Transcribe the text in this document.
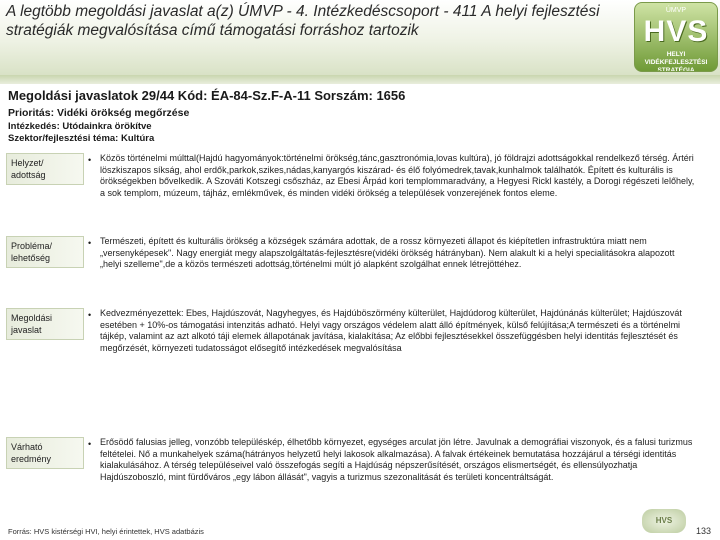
A legtöbb megoldási javaslat a(z) ÚMVP - 4. Intézkedéscsoport - 411 A helyi fejlesztési stratégiák megvalósítása című támogatási forráshoz tartozik
ÚMVP
HVS
HELYI VIDÉKFEJLESZTÉSI STRATÉGIA
Megoldási javaslatok 29/44 Kód: ÉA-84-Sz.F-A-11 Sorszám: 1656
Prioritás: Vidéki örökség megőrzése
Intézkedés: Utódainkra örökítve
Szektor/fejlesztési téma: Kultúra
Helyzet/ adottság
• Közös történelmi múlttal(Hajdú hagyományok:történelmi örökség,tánc,gasztronómia,lovas kultúra), jó földrajzi adottságokkal rendelkező térség. Ártéri löszkiszapos síkság, ahol erdők,parkok,szikes,nádas,kanyargós kiszárad- és élő folyómedrek,tavak,kunhalmok találhatók. Épített és kulturális is örökségekben bővelkedik. A Szováti Kotszegi csőszház, az Ebesi Árpád kori templommaradvány, a Hegyesi Rickl kastély, a Dorogi régészeti lelőhely, a sok templom, múzeum, tájház, emlékművek, és minden vidéki örökség a települések vonzerejének fontos eleme.
Probléma/ lehetőség
• Természeti, épített és kulturális örökség a községek számára adottak, de a rossz környezeti állapot és kiépítetlen infrastruktúra miatt nem „versenyképesek". Nagy energiát megy alapszolgáltatás-fejlesztésre(vidéki örökség hátrányban). Nem alakult ki a helyi specialitásokra alapozott „helyi szelleme",de a közös természeti adottság,történelmi múlt jó alapként szolgálhat ennek létrejöttéhez.
Megoldási javaslat
• Kedvezményezettek: Ebes, Hajdúszovát, Nagyhegyes, és Hajdúböszörmény külterület, Hajdúdorog külterület, Hajdúnánás külterület; Hajdúszovát esetében + 10%-os támogatási intenzitás adható. Helyi vagy országos védelem alatt álló építmények, külső felújítása;A természeti és a történelmi tájkép, valamint az azt alkotó táji elemek állapotának javítása, kialakítása; Az előbbi fejlesztésekkel összefüggésben helyi identitás fejlesztését és megőrzését, környezeti tudatosságot elősegítő intézkedések megvalósítása
Várható eredmény
• Erősödő falusias jelleg, vonzóbb településkép, élhetőbb környezet, egységes arculat jön létre. Javulnak a demográfiai viszonyok, és a falusi turizmus feltételei. Nő a munkahelyek száma(hátrányos helyzetű helyi lakosok alkalmazása). A falvak értékeinek bemutatása hozzájárul a térségi identitás kialakulásához. A térség településeivel való összefogás segíti a Hajdúság népszerűsítését, országos elismertségét, és ellensúlyozhatja Hajdúszoboszló, mint fürdőváros „egy lábon állását", vagyis a turizmus szezonalitását és területi koncentráltságát.
Forrás: HVS kistérségi HVI, helyi érintettek, HVS adatbázis
HVS
133
